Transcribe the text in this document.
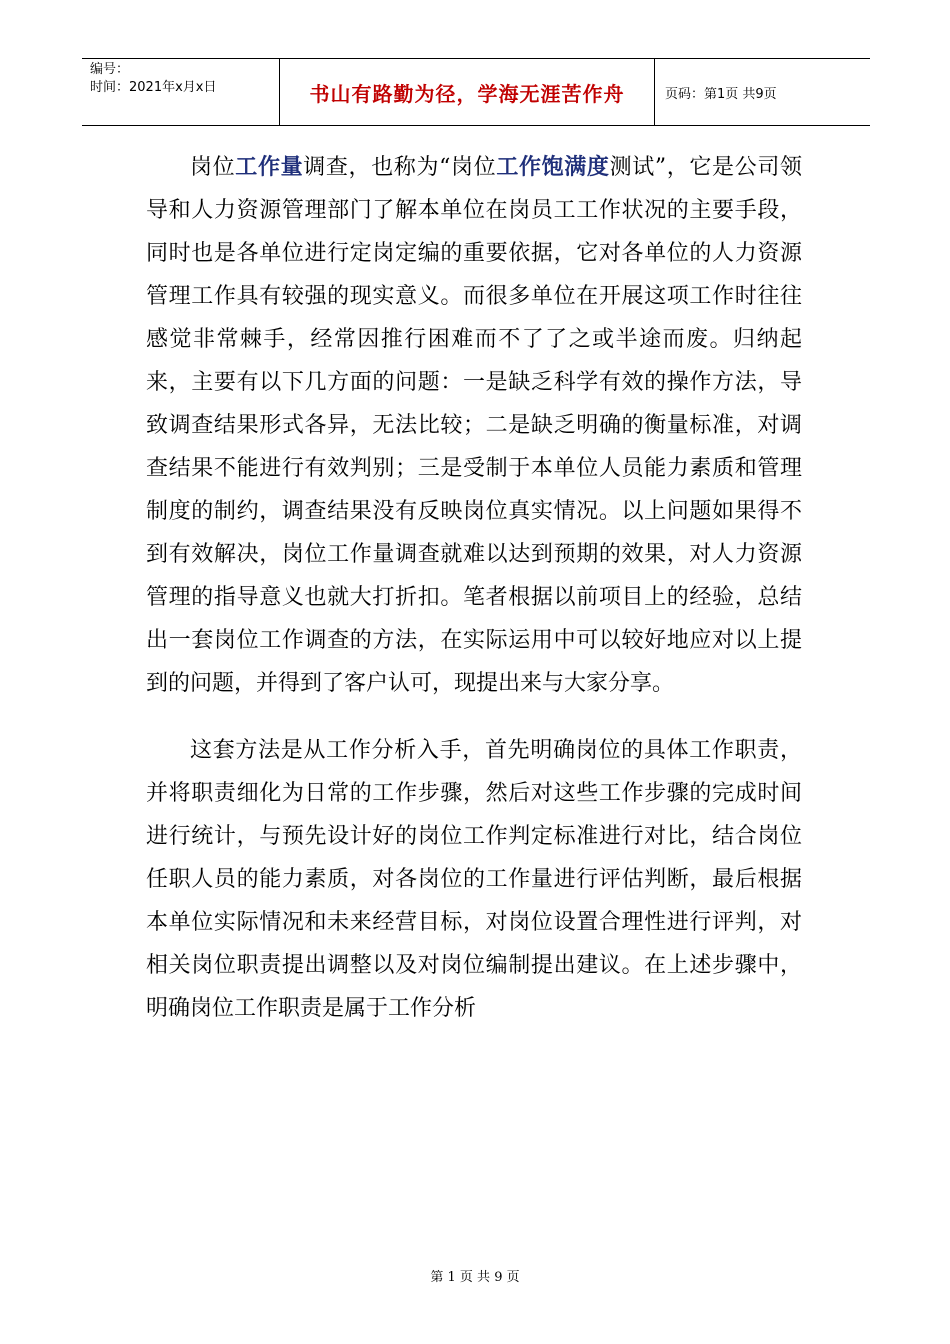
编号：
时间：2021年x月x日	书山有路勤为径，学海无涯苦作舟	页码：第1页 共9页

岗位工作量调查，也称为“岗位工作饱满度测试”，它是公司领导和人力资源管理部门了解本单位在岗员工工作状况的主要手段，同时也是各单位进行定岗定编的重要依据，它对各单位的人力资源管理工作具有较强的现实意义。而很多单位在开展这项工作时往往感觉非常棘手，经常因推行困难而不了了之或半途而废。归纳起来，主要有以下几方面的问题：一是缺乏科学有效的操作方法，导致调查结果形式各异，无法比较；二是缺乏明确的衡量标准，对调查结果不能进行有效判别；三是受制于本单位人员能力素质和管理制度的制约，调查结果没有反映岗位真实情况。以上问题如果得不到有效解决，岗位工作量调查就难以达到预期的效果，对人力资源管理的指导意义也就大打折扣。笔者根据以前项目上的经验，总结出一套岗位工作调查的方法，在实际运用中可以较好地应对以上提到的问题，并得到了客户认可，现提出来与大家分享。

这套方法是从工作分析入手，首先明确岗位的具体工作职责，并将职责细化为日常的工作步骤，然后对这些工作步骤的完成时间进行统计，与预先设计好的岗位工作判定标准进行对比，结合岗位任职人员的能力素质，对各岗位的工作量进行评估判断，最后根据本单位实际情况和未来经营目标，对岗位设置合理性进行评判，对相关岗位职责提出调整以及对岗位编制提出建议。在上述步骤中，明确岗位工作职责是属于工作分析

第 1 页 共 9 页
